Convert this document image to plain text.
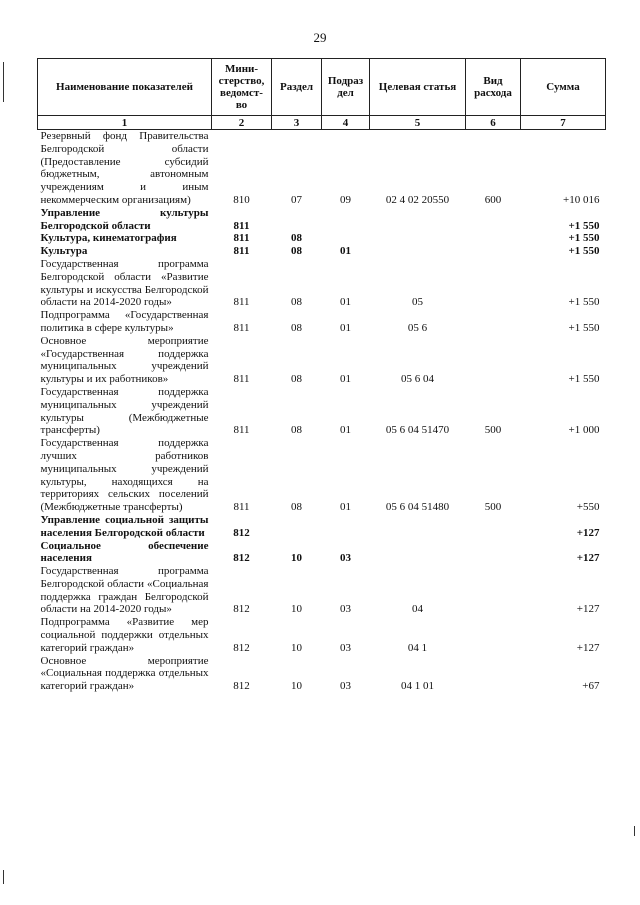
29
Наименование показателей	Мини-стерство, ведомст-во	Раздел	Подраз дел	Целевая статья	Вид расхода	Сумма
1	2	3	4	5	6	7
Резервный фонд Правительства Белгородской области (Предоставление субсидий бюджетным, автономным учреждениям и иным некоммерческим организациям)	810	07	09	02 4 02 20550	600	+10 016
Управление культуры Белгородской области	811					+1 550
Культура, кинематография	811	08				+1 550
Культура	811	08	01			+1 550
Государственная программа Белгородской области «Развитие культуры и искусства Белгородской области на 2014-2020 годы»	811	08	01	05		+1 550
Подпрограмма «Государственная политика в сфере культуры»	811	08	01	05 6		+1 550
Основное мероприятие «Государственная поддержка муниципальных учреждений культуры и их работников»	811	08	01	05 6 04		+1 550
Государственная поддержка муниципальных учреждений культуры (Межбюджетные трансферты)	811	08	01	05 6 04 51470	500	+1 000
Государственная поддержка лучших работников муниципальных учреждений культуры, находящихся на территориях сельских поселений (Межбюджетные трансферты)	811	08	01	05 6 04 51480	500	+550
Управление социальной защиты населения Белгородской области	812					+127
Социальное обеспечение населения	812	10	03			+127
Государственная программа Белгородской области «Социальная поддержка граждан Белгородской области на 2014-2020 годы»	812	10	03	04		+127
Подпрограмма «Развитие мер социальной поддержки отдельных категорий граждан»	812	10	03	04 1		+127
Основное мероприятие «Социальная поддержка отдельных категорий граждан»	812	10	03	04 1 01		+67
